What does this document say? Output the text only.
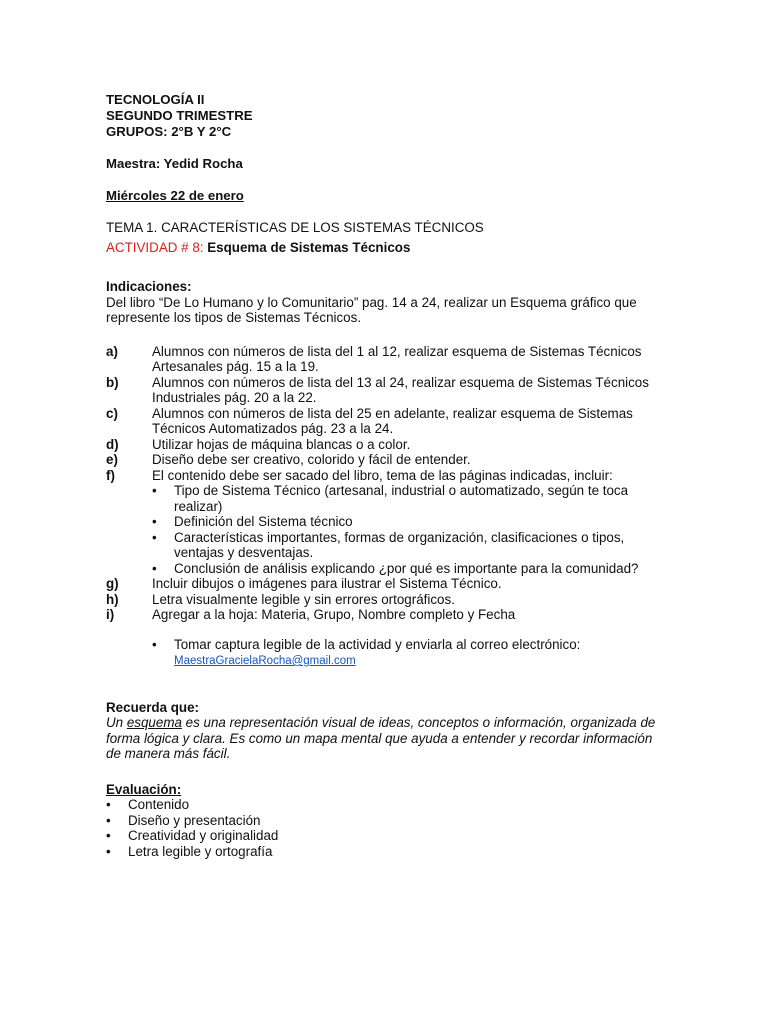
TECNOLOGÍA II

SEGUNDO TRIMESTRE

GRUPOS: 2°B Y 2°C

Maestra: Yedid Rocha

Miércoles 22 de enero

TEMA 1. CARACTERÍSTICAS DE LOS SISTEMAS TÉCNICOS

ACTIVIDAD # 8: Esquema de Sistemas Técnicos

Indicaciones:

Del libro “De Lo Humano y lo Comunitario” pag. 14 a 24, realizar un Esquema gráfico que represente los tipos de Sistemas Técnicos.

a)	Alumnos con números de lista del 1 al 12, realizar esquema de Sistemas Técnicos Artesanales pág. 15 a la 19.
b)	Alumnos con números de lista del 13 al 24, realizar esquema de Sistemas Técnicos Industriales pág. 20 a la 22.
c)	Alumnos con números de lista del 25 en adelante, realizar esquema de Sistemas Técnicos Automatizados pág. 23 a la 24.
d)	Utilizar hojas de máquina blancas o a color.
e)	Diseño debe ser creativo, colorido y fácil de entender.
f)	El contenido debe ser sacado del libro, tema de las páginas indicadas, incluir:
• Tipo de Sistema Técnico (artesanal, industrial o automatizado, según te toca realizar)
• Definición del Sistema técnico
• Características importantes, formas de organización, clasificaciones o tipos, ventajas y desventajas.
• Conclusión de análisis explicando ¿por qué es importante para la comunidad?
g)	Incluir dibujos o imágenes para ilustrar el Sistema Técnico.
h)	Letra visualmente legible y sin errores ortográficos.
i)	Agregar a la hoja: Materia, Grupo, Nombre completo y Fecha
• Tomar captura legible de la actividad y enviarla al correo electrónico:
MaestraGracielaRocha@gmail.com

Recuerda que:

Un esquema es una representación visual de ideas, conceptos o información, organizada de forma lógica y clara. Es como un mapa mental que ayuda a entender y recordar información de manera más fácil.

Evaluación:

• Contenido
• Diseño y presentación
• Creatividad y originalidad
• Letra legible y ortografía
